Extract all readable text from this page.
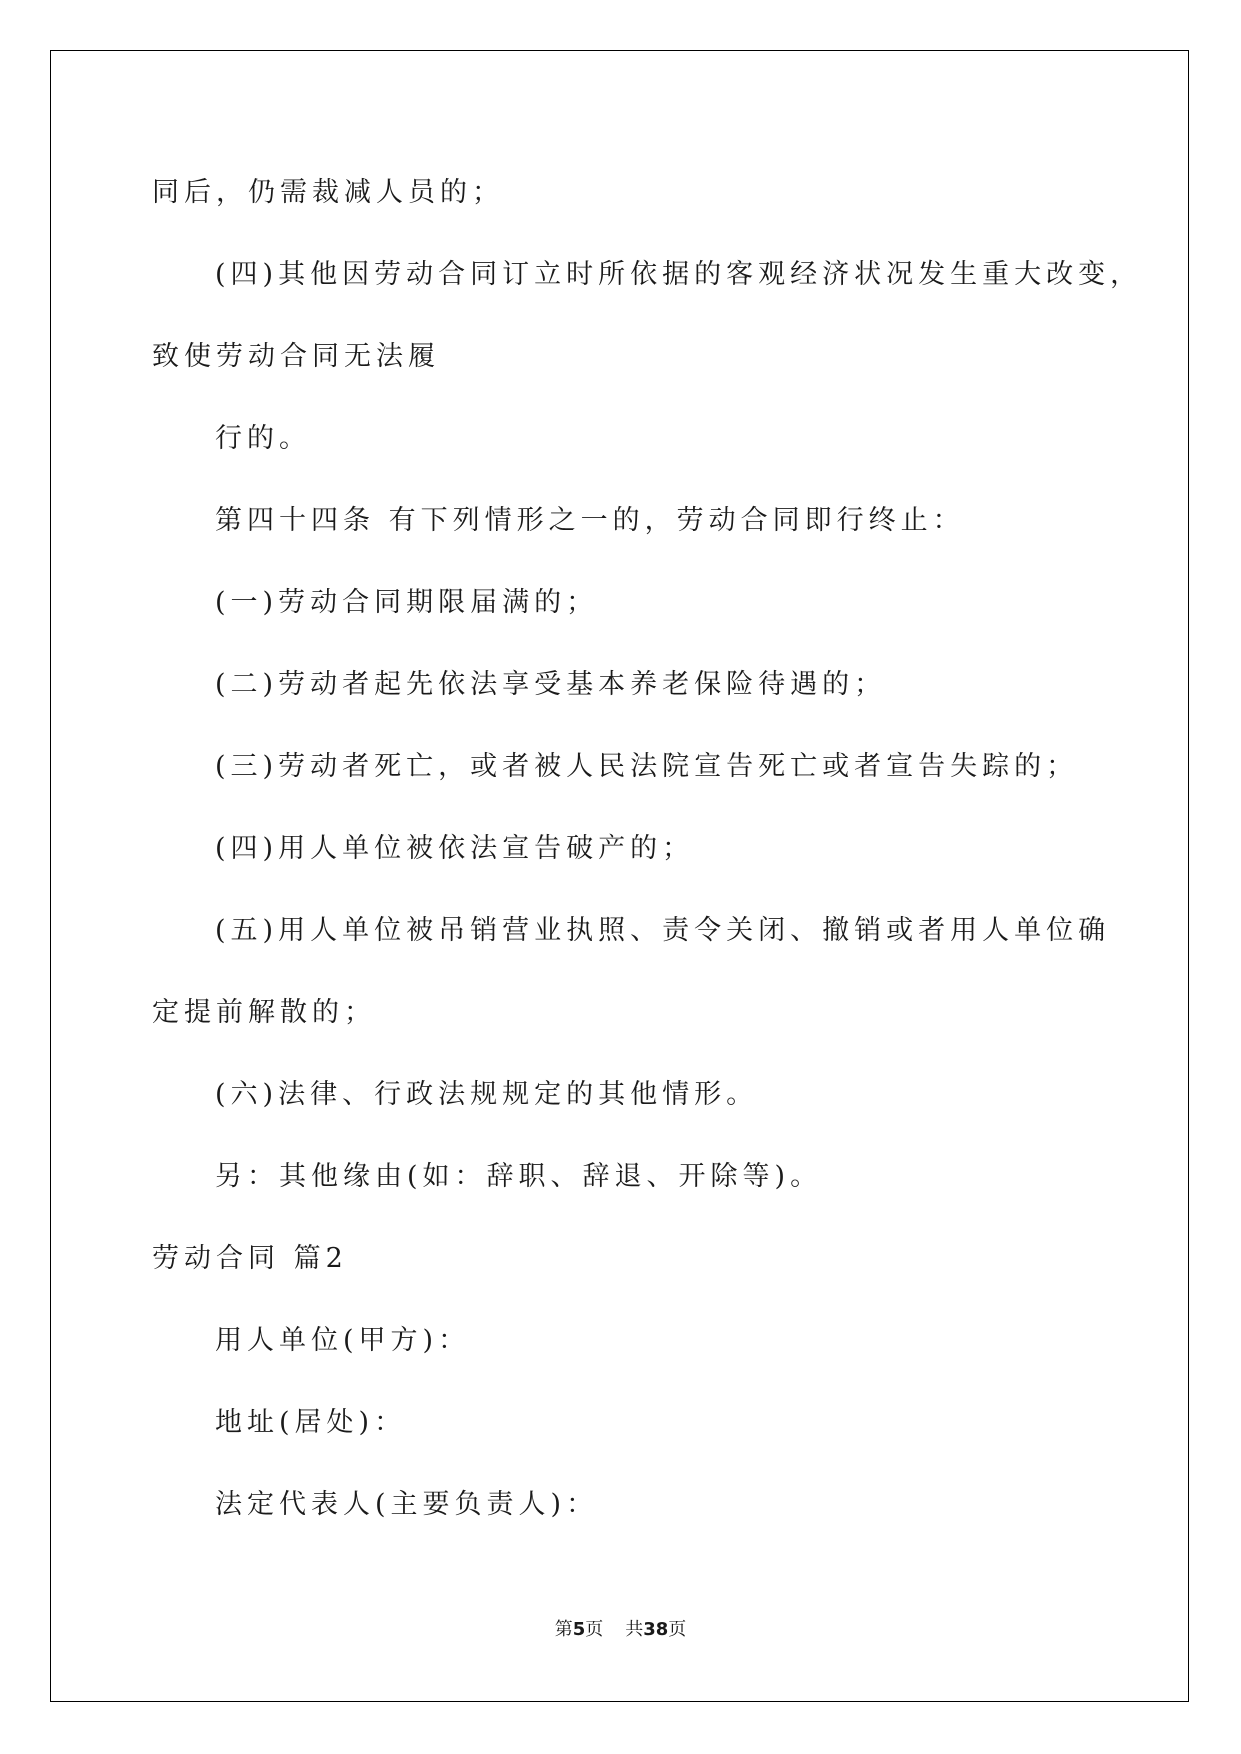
同后，仍需裁减人员的；
(四)其他因劳动合同订立时所依据的客观经济状况发生重大改变，
致使劳动合同无法履
行的。
第四十四条 有下列情形之一的，劳动合同即行终止：
(一)劳动合同期限届满的；
(二)劳动者起先依法享受基本养老保险待遇的；
(三)劳动者死亡，或者被人民法院宣告死亡或者宣告失踪的；
(四)用人单位被依法宣告破产的；
(五)用人单位被吊销营业执照、责令关闭、撤销或者用人单位确
定提前解散的；
(六)法律、行政法规规定的其他情形。
另：其他缘由(如：辞职、辞退、开除等)。
劳动合同 篇2
用人单位(甲方)：
地址(居处)：
法定代表人(主要负责人)：
第5页 共38页
